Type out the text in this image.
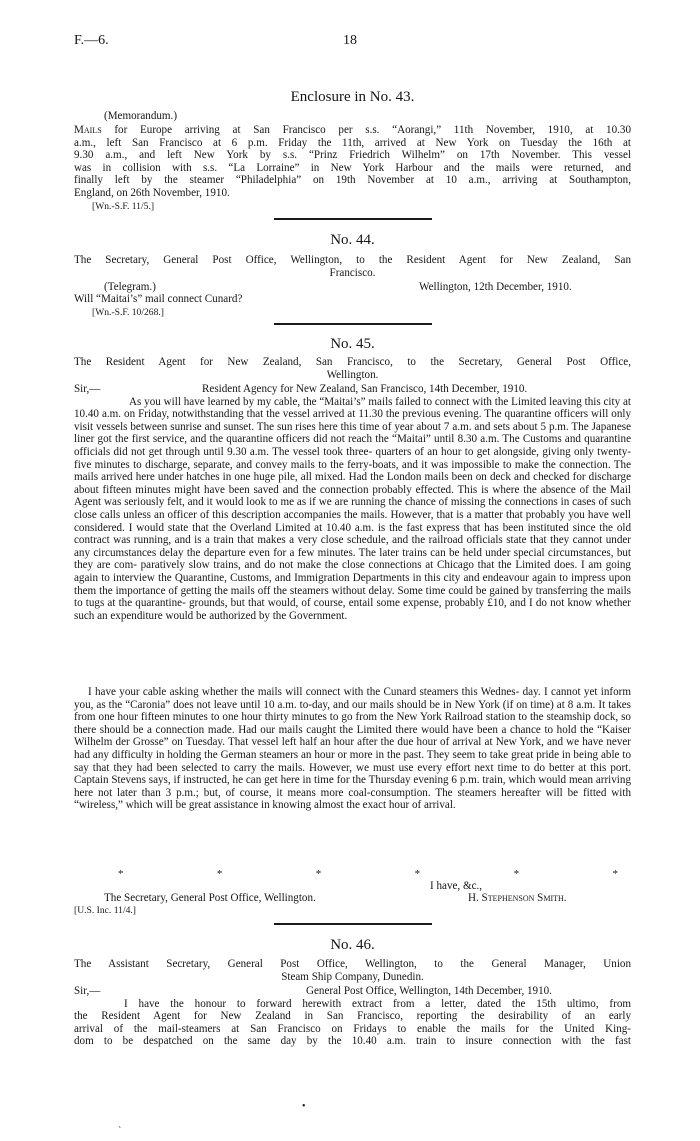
F.—6.	18
Enclosure in No. 43.
(Memorandum.)

Mails for Europe arriving at San Francisco per s.s. “Aorangi,” 11th November, 1910, at 10.30

a.m., left San Francisco at 6 p.m. Friday the 11th, arrived at New York on Tuesday the 16th at

9.30 a.m., and left New York by s.s. “Prinz Friedrich Wilhelm” on 17th November. This vessel

was in collision with s.s. “La Lorraine” in New York Harbour and the mails were returned, and

finally left by the steamer “Philadelphia” on 19th November at 10 a.m., arriving at Southampton,

England, on 26th November, 1910.

[Wn.-S.F. 11/5.]
No. 44.

The Secretary, General Post Office, Wellington, to the Resident Agent for New Zealand, San

Francisco.

(Telegram.)	Wellington, 12th December, 1910.
Will “Maitai’s” mail connect Cunard?
[Wn.-S.F. 10/268.]
No. 45.

The Resident Agent for New Zealand, San Francisco, to the Secretary, General Post Office,

Wellington.

Sir,—	Resident Agency for New Zealand, San Francisco, 14th December, 1910.
As you will have learned by my cable, the “Maitai’s” mails failed to connect with the Limited leaving this city at 10.40 a.m. on Friday, notwithstanding that the vessel arrived at 11.30 the previous evening. The quarantine officers will only visit vessels between sunrise and sunset. The sun rises here this time of year about 7 a.m. and sets about 5 p.m. The Japanese liner got the first service, and the quarantine officers did not reach the “Maitai” until 8.30 a.m. The Customs and quarantine officials did not get through until 9.30 a.m. The vessel took three- quarters of an hour to get alongside, giving only twenty-five minutes to discharge, separate, and convey mails to the ferry-boats, and it was impossible to make the connection. The mails arrived here under hatches in one huge pile, all mixed. Had the London mails been on deck and checked for discharge about fifteen minutes might have been saved and the connection probably effected. This is where the absence of the Mail Agent was seriously felt, and it would look to me as if we are running the chance of missing the connections in cases of such close calls unless an officer of this description accompanies the mails. However, that is a matter that probably you have well considered. I would state that the Overland Limited at 10.40 a.m. is the fast express that has been instituted since the old contract was running, and is a train that makes a very close schedule, and the railroad officials state that they cannot under any circumstances delay the departure even for a few minutes. The later trains can be held under special circumstances, but they are com- paratively slow trains, and do not make the close connections at Chicago that the Limited does. I am going again to interview the Quarantine, Customs, and Immigration Departments in this city and endeavour again to impress upon them the importance of getting the mails off the steamers without delay. Some time could be gained by transferring the mails to tugs at the quarantine- grounds, but that would, of course, entail some expense, probably £10, and I do not know whether such an expenditure would be authorized by the Government.
I have your cable asking whether the mails will connect with the Cunard steamers this Wednes- day. I cannot yet inform you, as the “Caronia” does not leave until 10 a.m. to-day, and our mails should be in New York (if on time) at 8 a.m. It takes from one hour fifteen minutes to one hour thirty minutes to go from the New York Railroad station to the steamship dock, so there should be a connection made. Had our mails caught the Limited there would have been a chance to hold the “Kaiser Wilhelm der Grosse” on Tuesday. That vessel left half an hour after the due hour of arrival at New York, and we have never had any difficulty in holding the German steamers an hour or more in the past. They seem to take great pride in being able to say that they had been selected to carry the mails. However, we must use every effort next time to do better at this port. Captain Stevens says, if instructed, he can get here in time for the Thursday evening 6 p.m. train, which would mean arriving here not later than 3 p.m.; but, of course, it means more coal-consumption. The steamers hereafter will be fitted with “wireless,” which will be great assistance in knowing almost the exact hour of arrival.
*	*	*	*	*	*
I have, &c.,
The Secretary, General Post Office, Wellington.	H. Stephenson Smith.
[U.S. Inc. 11/4.]
No. 46.

The Assistant Secretary, General Post Office, Wellington, to the General Manager, Union

Steam Ship Company, Dunedin.

Sir,—	General Post Office, Wellington, 14th December, 1910.

I have the honour to forward herewith extract from a letter, dated the 15th ultimo, from

the Resident Agent for New Zealand in San Francisco, reporting the desirability of an early

arrival of the mail-steamers at San Francisco on Fridays to enable the mails for the United King-

dom to be despatched on the same day by the 10.40 a.m. train to insure connection with the fast

•
`
